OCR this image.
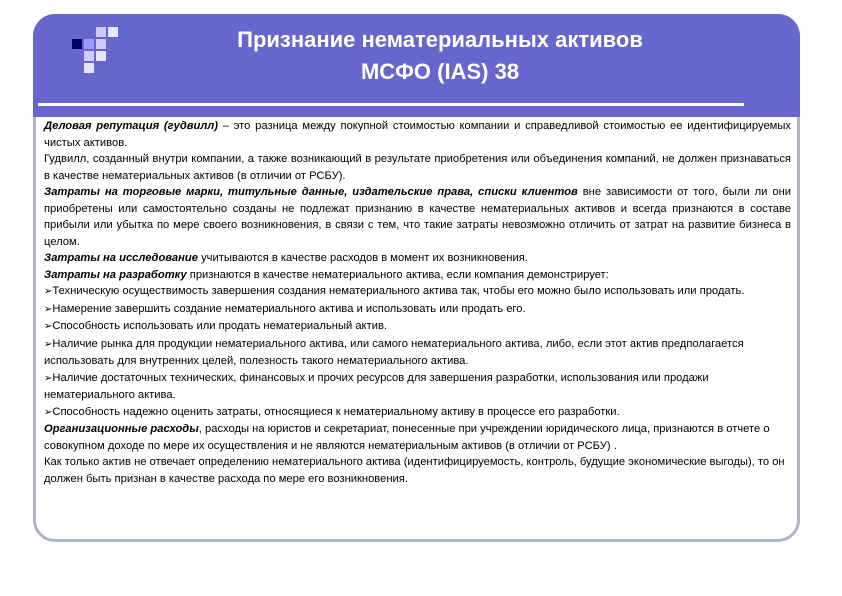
Признание нематериальных активов
МСФО (IAS) 38

Деловая репутация (гудвилл) – это разница между покупной стоимостью компании и справедливой стоимостью ее идентифицируемых чистых активов.

Гудвилл, созданный внутри компании, а также возникающий в результате приобретения или объединения компаний, не должен признаваться в качестве нематериальных активов (в отличии от РСБУ).

Затраты на торговые марки, титульные данные, издательские права, списки клиентов вне зависимости от того, были ли они приобретены или самостоятельно созданы не подлежат признанию в качестве нематериальных активов и всегда признаются в составе прибыли или убытка по мере своего возникновения, в связи с тем, что такие затраты невозможно отличить от затрат на развитие бизнеса в целом.

Затраты на исследование учитываются в качестве расходов в момент их возникновения.

Затраты на разработку признаются в качестве нематериального актива, если компания демонстрирует:

➢Техническую осуществимость завершения создания нематериального актива так, чтобы его можно было использовать или продать.

➢Намерение завершить создание нематериального актива и использовать или продать его.

➢Способность использовать или продать нематериальный актив.

➢Наличие рынка для продукции нематериального актива, или самого нематериального актива, либо, если этот актив предполагается использовать для внутренних целей, полезность такого нематериального актива.

➢Наличие достаточных технических, финансовых и прочих ресурсов для завершения разработки, использования или продажи нематериального актива.

➢Способность надежно оценить затраты, относящиеся к нематериальному активу в процессе его разработки.

Организационные расходы, расходы на юристов и секретариат, понесенные при учреждении юридического лица, признаются в отчете о совокупном доходе по мере их осуществления и не являются нематериальным активов (в отличии от РСБУ) .

Как только актив не отвечает определению нематериального актива (идентифицируемость, контроль, будущие экономические выгоды), то он должен быть признан в качестве расхода по мере его возникновения.
